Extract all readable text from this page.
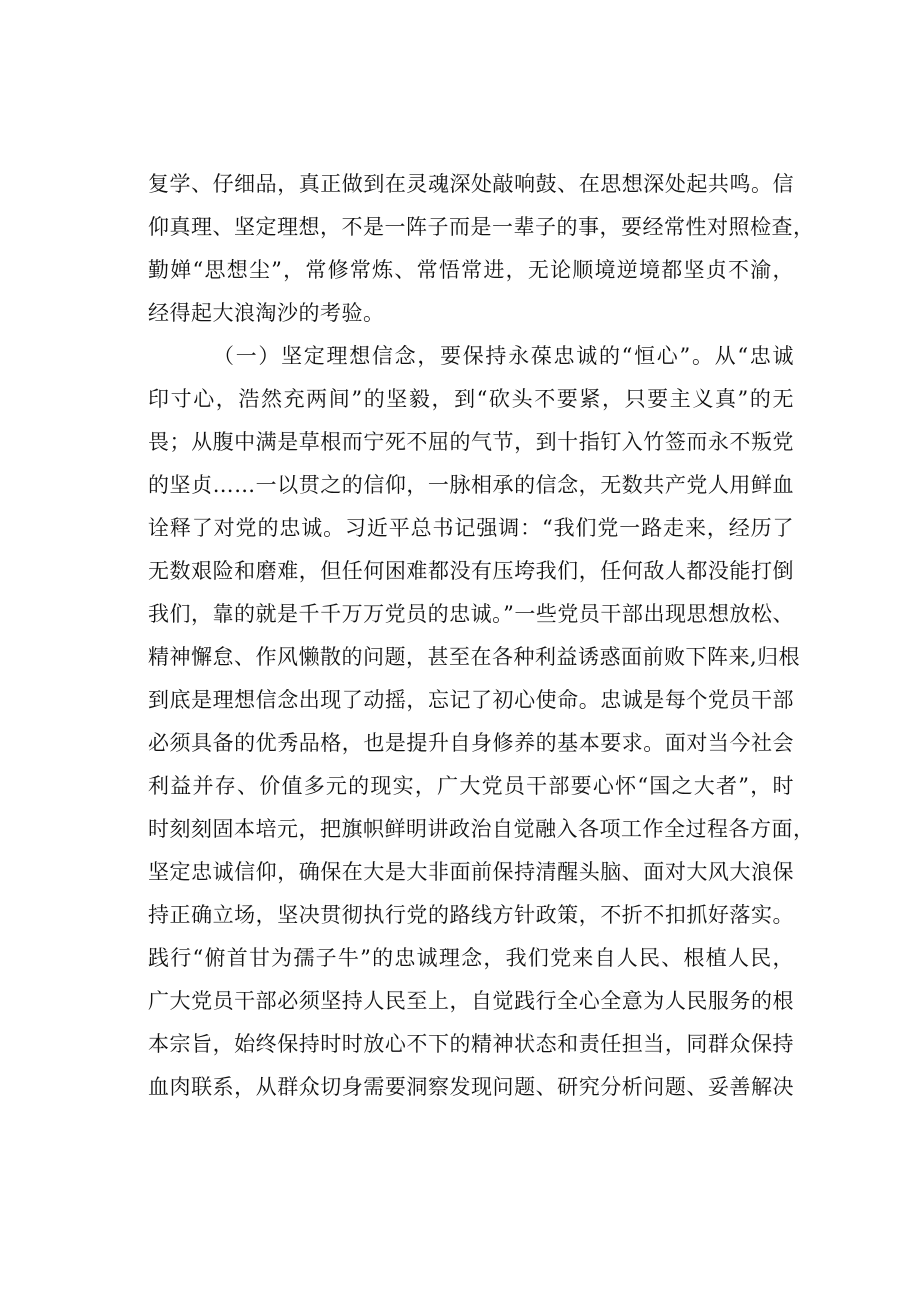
复学、仔细品，真正做到在灵魂深处敲响鼓、在思想深处起共鸣。信
仰真理、坚定理想，不是一阵子而是一辈子的事，要经常性对照检查，
勤婵“思想尘”，常修常炼、常悟常进，无论顺境逆境都坚贞不渝，
经得起大浪淘沙的考验。
（一）坚定理想信念，要保持永葆忠诚的“恒心”。从“忠诚
印寸心，浩然充两间”的坚毅，到“砍头不要紧，只要主义真”的无
畏；从腹中满是草根而宁死不屈的气节，到十指钉入竹签而永不叛党
的坚贞……一以贯之的信仰，一脉相承的信念，无数共产党人用鲜血
诠释了对党的忠诚。习近平总书记强调：“我们党一路走来，经历了
无数艰险和磨难，但任何困难都没有压垮我们，任何敌人都没能打倒
我们，靠的就是千千万万党员的忠诚。”一些党员干部出现思想放松、
精神懈怠、作风懒散的问题，甚至在各种利益诱惑面前败下阵来,归根
到底是理想信念出现了动摇，忘记了初心使命。忠诚是每个党员干部
必须具备的优秀品格，也是提升自身修养的基本要求。面对当今社会
利益并存、价值多元的现实，广大党员干部要心怀“国之大者”，时
时刻刻固本培元，把旗帜鲜明讲政治自觉融入各项工作全过程各方面，
坚定忠诚信仰，确保在大是大非面前保持清醒头脑、面对大风大浪保
持正确立场，坚决贯彻执行党的路线方针政策，不折不扣抓好落实。
践行“俯首甘为孺子牛”的忠诚理念，我们党来自人民、根植人民，
广大党员干部必须坚持人民至上，自觉践行全心全意为人民服务的根
本宗旨，始终保持时时放心不下的精神状态和责任担当，同群众保持
血肉联系，从群众切身需要洞察发现问题、研究分析问题、妥善解决
